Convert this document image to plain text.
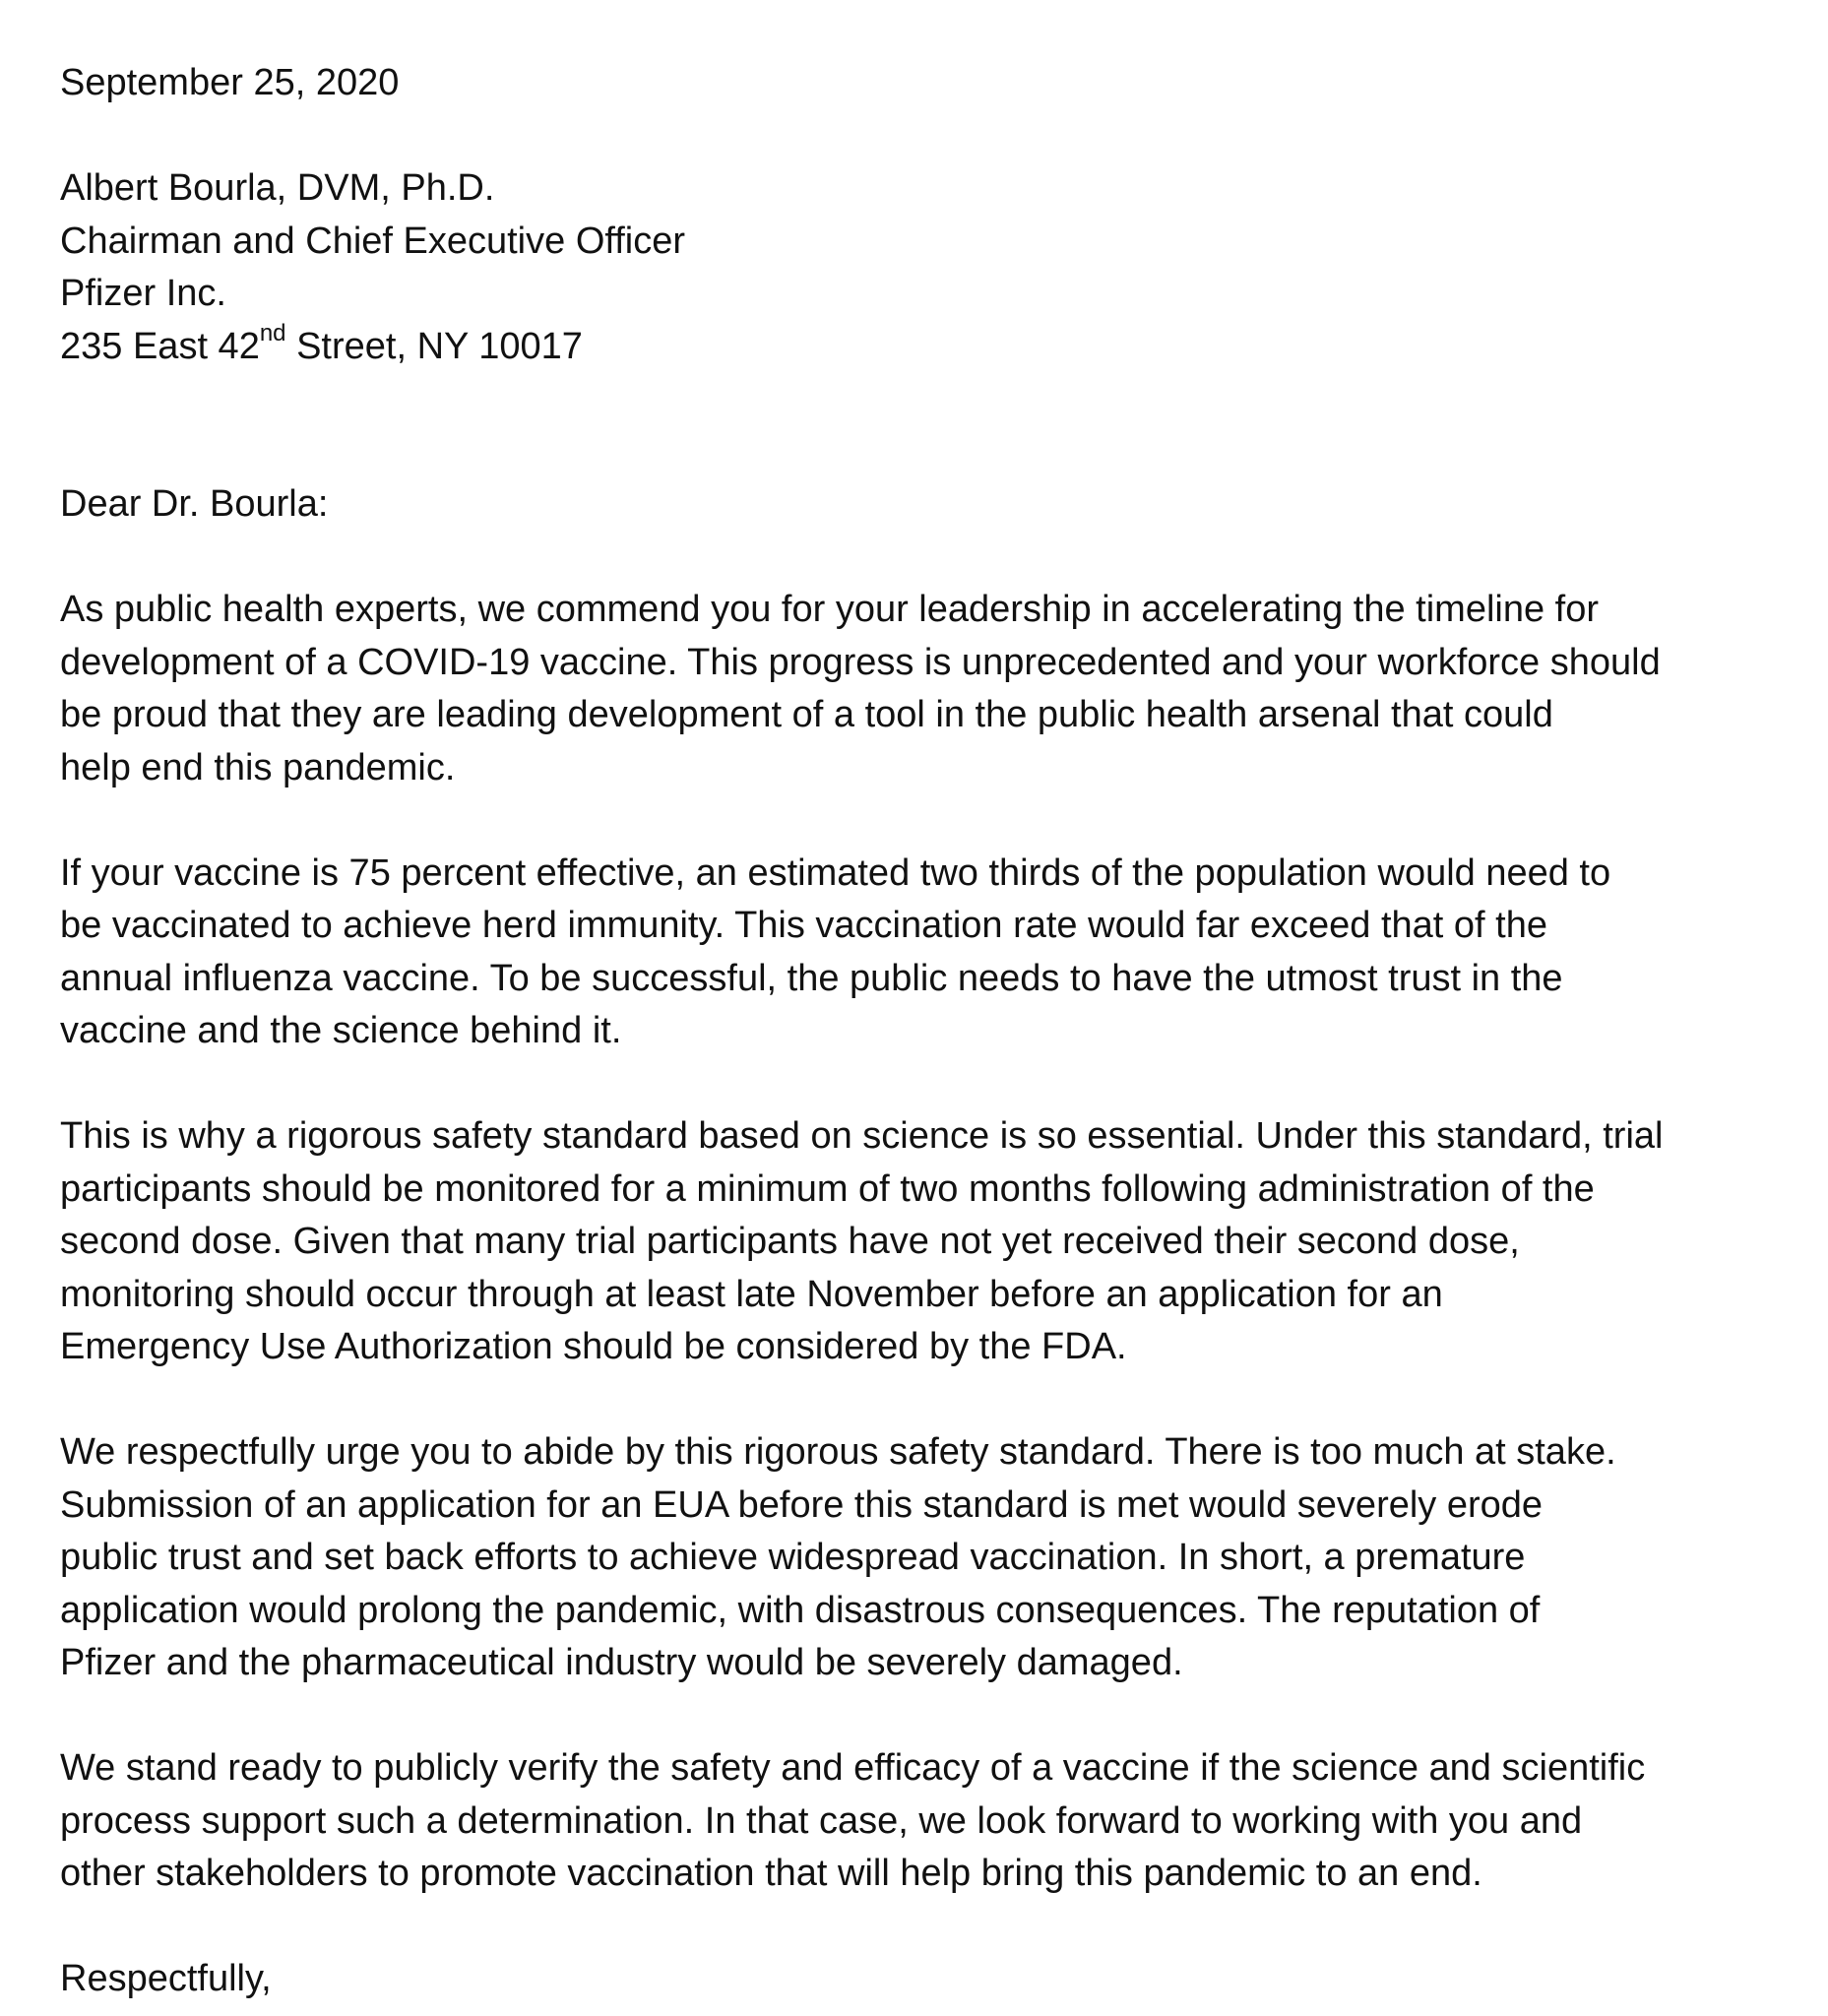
September 25, 2020
Albert Bourla, DVM, Ph.D.
Chairman and Chief Executive Officer
Pfizer Inc.
235 East 42nd Street, NY 10017
Dear Dr. Bourla:
As public health experts, we commend you for your leadership in accelerating the timeline for
development of a COVID-19 vaccine. This progress is unprecedented and your workforce should
be proud that they are leading development of a tool in the public health arsenal that could
help end this pandemic.
If your vaccine is 75 percent effective, an estimated two thirds of the population would need to
be vaccinated to achieve herd immunity. This vaccination rate would far exceed that of the
annual influenza vaccine. To be successful, the public needs to have the utmost trust in the
vaccine and the science behind it.
This is why a rigorous safety standard based on science is so essential. Under this standard, trial
participants should be monitored for a minimum of two months following administration of the
second dose. Given that many trial participants have not yet received their second dose,
monitoring should occur through at least late November before an application for an
Emergency Use Authorization should be considered by the FDA.
We respectfully urge you to abide by this rigorous safety standard. There is too much at stake.
Submission of an application for an EUA before this standard is met would severely erode
public trust and set back efforts to achieve widespread vaccination. In short, a premature
application would prolong the pandemic, with disastrous consequences. The reputation of
Pfizer and the pharmaceutical industry would be severely damaged.
We stand ready to publicly verify the safety and efficacy of a vaccine if the science and scientific
process support such a determination. In that case, we look forward to working with you and
other stakeholders to promote vaccination that will help bring this pandemic to an end.
Respectfully,
